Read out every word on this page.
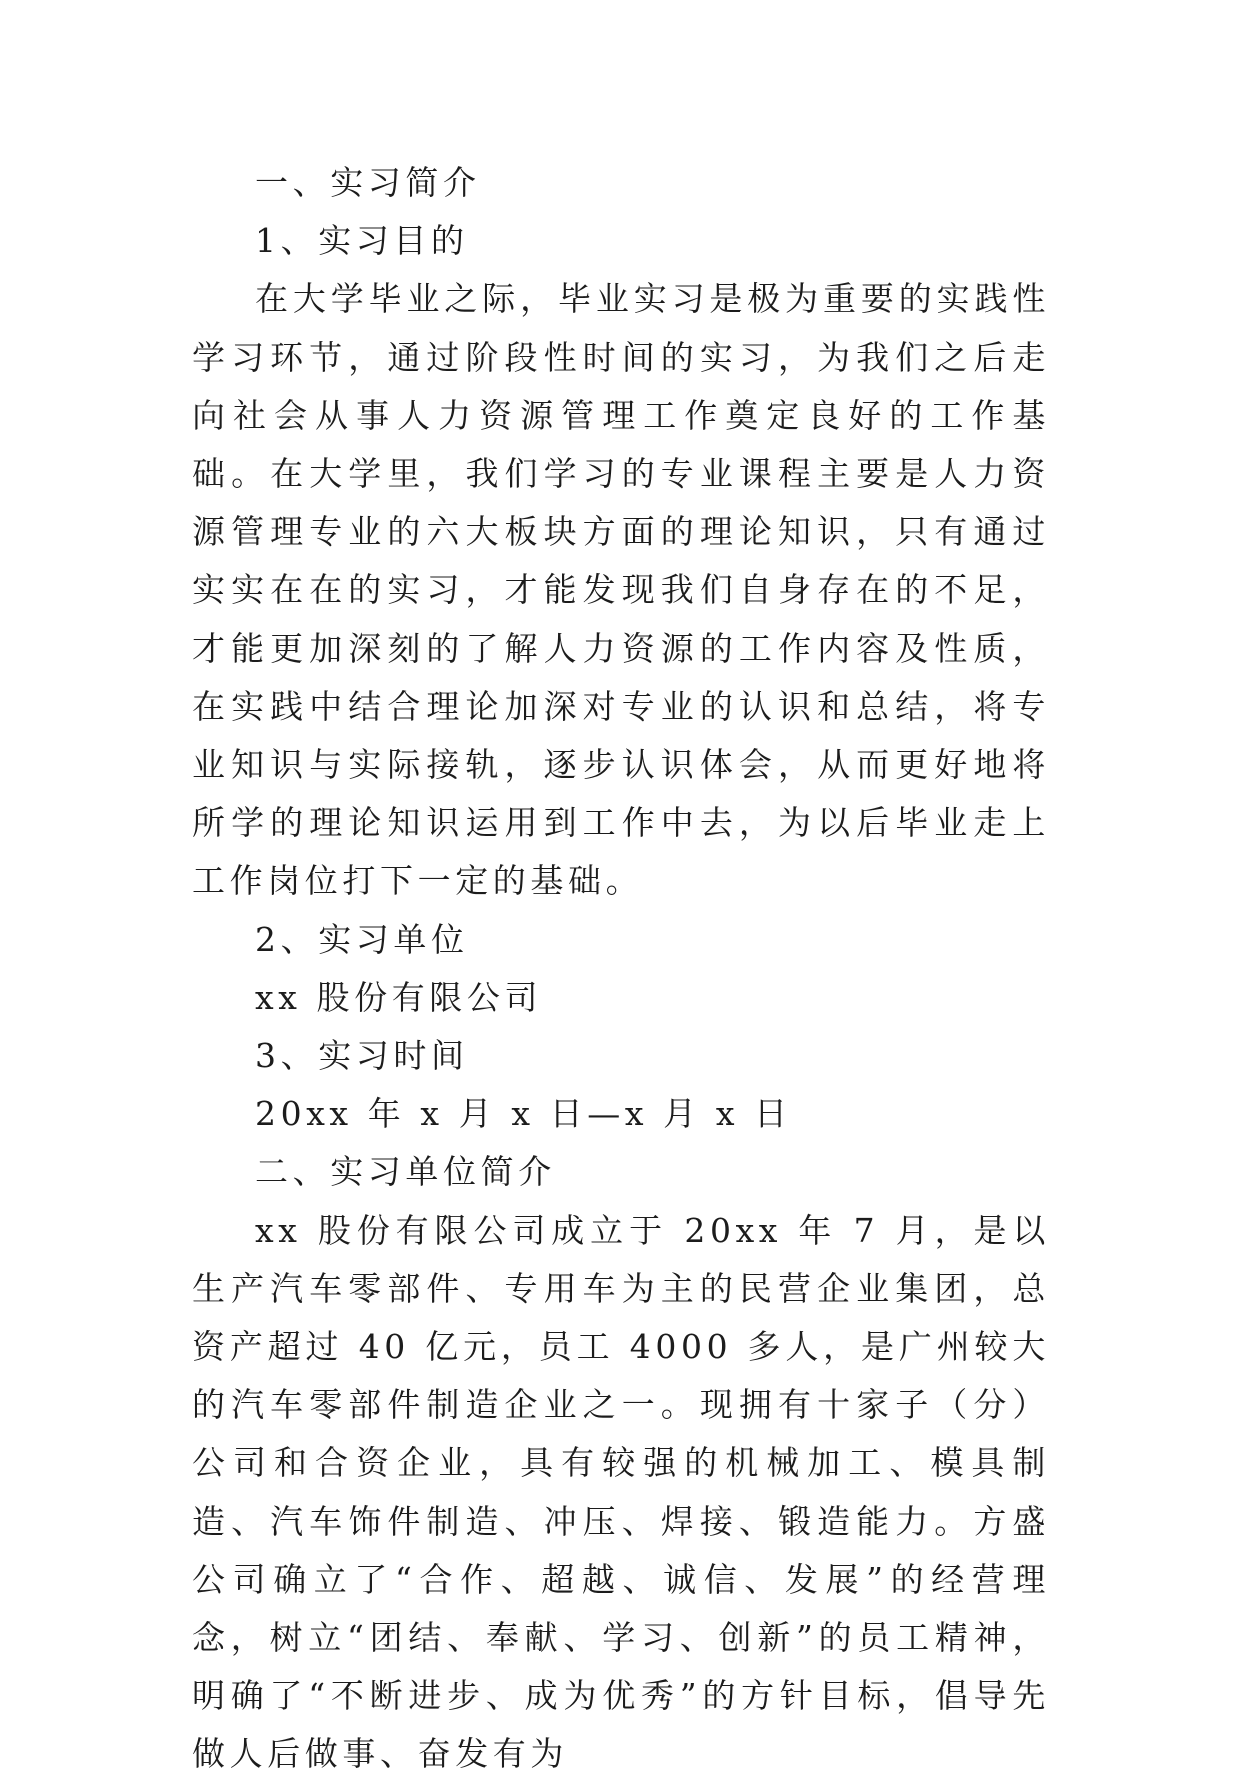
一、实习简介

1、实习目的

在大学毕业之际，毕业实习是极为重要的实践性学习环节，通过阶段性时间的实习，为我们之后走向社会从事人力资源管理工作奠定良好的工作基础。在大学里，我们学习的专业课程主要是人力资源管理专业的六大板块方面的理论知识，只有通过实实在在的实习，才能发现我们自身存在的不足，才能更加深刻的了解人力资源的工作内容及性质，在实践中结合理论加深对专业的认识和总结，将专业知识与实际接轨，逐步认识体会，从而更好地将所学的理论知识运用到工作中去，为以后毕业走上工作岗位打下一定的基础。

2、实习单位

xx 股份有限公司

3、实习时间

20xx 年 x 月 x 日—x 月 x 日

二、实习单位简介

xx 股份有限公司成立于 20xx 年 7 月，是以生产汽车零部件、专用车为主的民营企业集团，总资产超过 40 亿元，员工 4000 多人，是广州较大的汽车零部件制造企业之一。现拥有十家子（分）公司和合资企业，具有较强的机械加工、模具制造、汽车饰件制造、冲压、焊接、锻造能力。方盛公司确立了“合作、超越、诚信、发展”的经营理念，树立“团结、奉献、学习、创新”的员工精神，明确了“不断进步、成为优秀”的方针目标，倡导先做人后做事、奋发有为
